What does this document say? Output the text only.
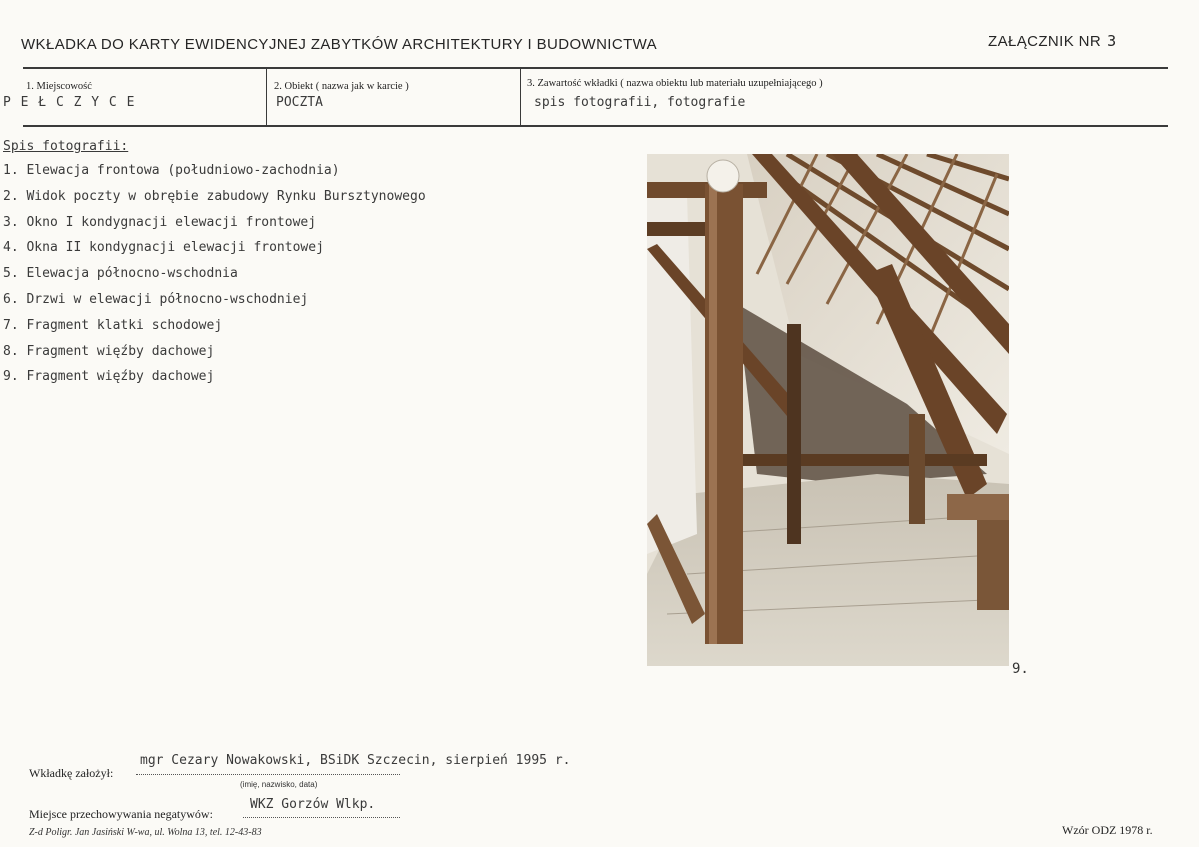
WKŁADKA DO KARTY EWIDENCYJNEJ ZABYTKÓW ARCHITEKTURY I BUDOWNICTWA	ZAŁĄCZNIK NR 3
1. Miejscowość
P E Ł C Z Y C E
2. Obiekt ( nazwa jak w karcie )
POCZTA
3. Zawartość wkładki ( nazwa obiektu lub materiału uzupełniającego )
spis fotografii, fotografie
Spis fotografii:
1. Elewacja frontowa (południowo-zachodnia)
2. Widok poczty w obrębie zabudowy Rynku Bursztynowego
3. Okno I kondygnacji elewacji frontowej
4. Okna II kondygnacji elewacji frontowej
5. Elewacja północno-wschodnia
6. Drzwi w elewacji północno-wschodniej
7. Fragment klatki schodowej
8. Fragment więźby dachowej
9. Fragment więźby dachowej
9.
Wkładkę założył:
mgr Cezary Nowakowski, BSiDK Szczecin, sierpień 1995 r.
(imię, nazwisko, data)
Miejsce przechowywania negatywów:
WKZ Gorzów Wlkp.
Z-d Poligr. Jan Jasiński W-wa, ul. Wolna 13, tel. 12-43-83	Wzór ODZ 1978 r.
